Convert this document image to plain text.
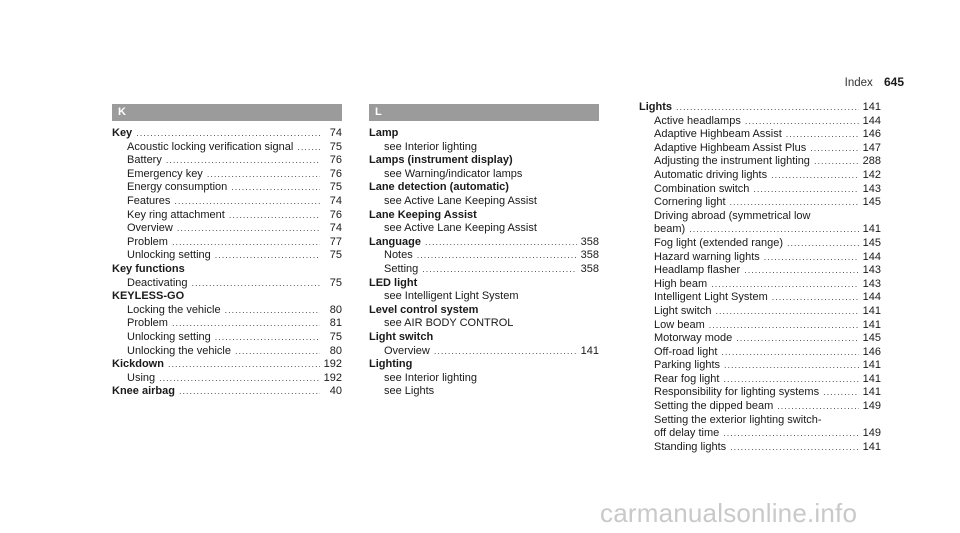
Index 645
K
Key .....	74
Acoustic locking verification signal .....	75
Battery .....	76
Emergency key .....	76
Energy consumption .....	75
Features .....	74
Key ring attachment .....	76
Overview .....	74
Problem .....	77
Unlocking setting .....	75
Key functions
Deactivating .....	75
KEYLESS-GO
Locking the vehicle .....	80
Problem .....	81
Unlocking setting .....	75
Unlocking the vehicle .....	80
Kickdown .....	192
Using .....	192
Knee airbag .....	40
L
Lamp
see Interior lighting
Lamps (instrument display)
see Warning/indicator lamps
Lane detection (automatic)
see Active Lane Keeping Assist
Lane Keeping Assist
see Active Lane Keeping Assist
Language .....	358
Notes .....	358
Setting .....	358
LED light
see Intelligent Light System
Level control system
see AIR BODY CONTROL
Light switch
Overview .....	141
Lighting
see Interior lighting
see Lights
Lights .....	141
Active headlamps .....	144
Adaptive Highbeam Assist .....	146
Adaptive Highbeam Assist Plus .....	147
Adjusting the instrument lighting .....	288
Automatic driving lights .....	142
Combination switch .....	143
Cornering light .....	145
Driving abroad (symmetrical low
beam) .....	141
Fog light (extended range) .....	145
Hazard warning lights .....	144
Headlamp flasher .....	143
High beam .....	143
Intelligent Light System .....	144
Light switch .....	141
Low beam .....	141
Motorway mode .....	145
Off-road light .....	146
Parking lights .....	141
Rear fog light .....	141
Responsibility for lighting systems .....	141
Setting the dipped beam .....	149
Setting the exterior lighting switch-
off delay time .....	149
Standing lights .....	141
carmanualsonline.info
